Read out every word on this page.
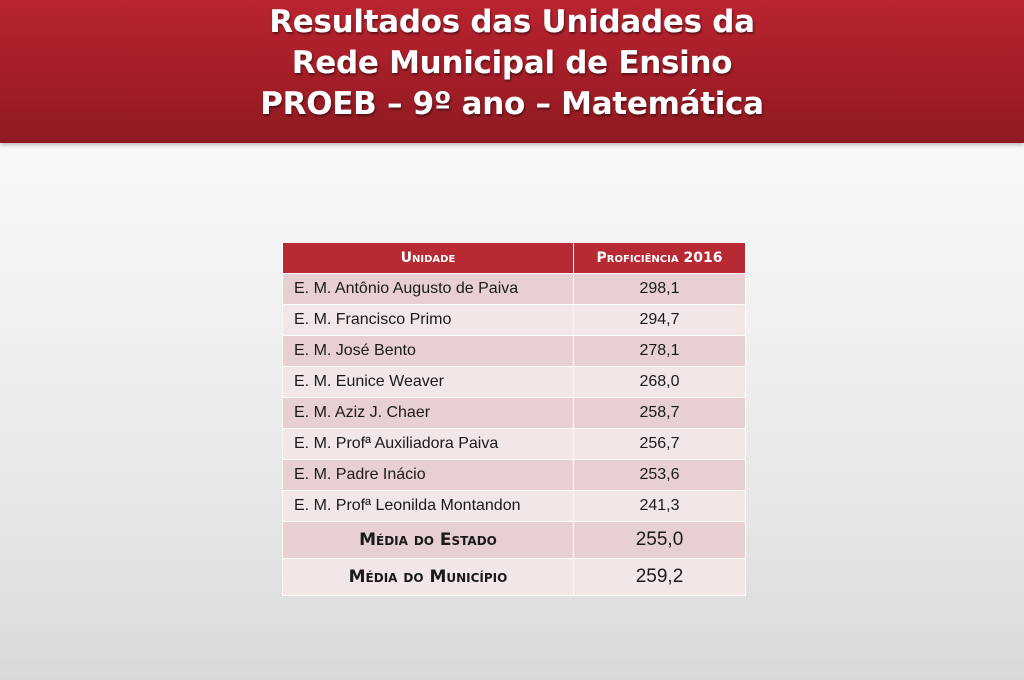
Resultados das Unidades da
Rede Municipal de Ensino
PROEB – 9º ano – Matemática
Unidade	Proficiência 2016
E. M. Antônio Augusto de Paiva	298,1
E. M. Francisco Primo	294,7
E. M. José Bento	278,1
E. M. Eunice Weaver	268,0
E. M. Aziz J. Chaer	258,7
E. M. Profª Auxiliadora Paiva	256,7
E. M. Padre Inácio	253,6
E. M. Profª Leonilda Montandon	241,3
Média do Estado	255,0
Média do Município	259,2
